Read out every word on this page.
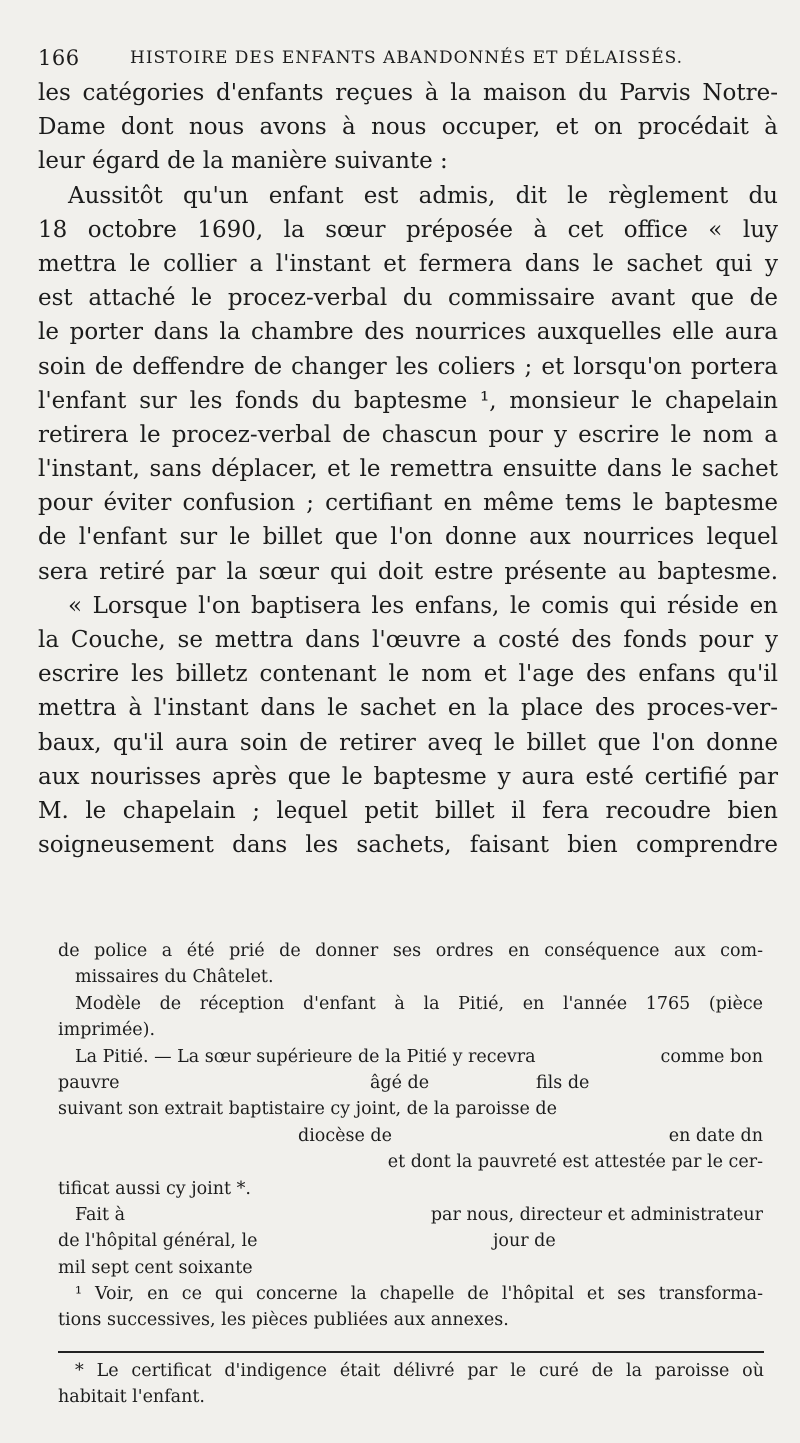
166	HISTOIRE DES ENFANTS ABANDONNÉS ET DÉLAISSÉS.
les catégories d'enfants reçues à la maison du Parvis Notre-
Dame dont nous avons à nous occuper, et on procédait à
leur égard de la manière suivante :
Aussitôt qu'un enfant est admis, dit le règlement du
18 octobre 1690, la sœur préposée à cet office « luy
mettra le collier a l'instant et fermera dans le sachet qui y
est attaché le procez-verbal du commissaire avant que de
le porter dans la chambre des nourrices auxquelles elle aura
soin de deffendre de changer les coliers ; et lorsqu'on portera
l'enfant sur les fonds du baptesme ¹, monsieur le chapelain
retirera le procez-verbal de chascun pour y escrire le nom a
l'instant, sans déplacer, et le remettra ensuitte dans le sachet
pour éviter confusion ; certifiant en même tems le baptesme
de l'enfant sur le billet que l'on donne aux nourrices lequel
sera retiré par la sœur qui doit estre présente au baptesme.
« Lorsque l'on baptisera les enfans, le comis qui réside en
la Couche, se mettra dans l'œuvre a costé des fonds pour y
escrire les billetz contenant le nom et l'age des enfans qu'il
mettra à l'instant dans le sachet en la place des proces-ver-
baux, qu'il aura soin de retirer aveq le billet que l'on donne
aux nourisses après que le baptesme y aura esté certifié par
M. le chapelain ; lequel petit billet il fera recoudre bien
soigneusement dans les sachets, faisant bien comprendre
de police a été prié de donner ses ordres en conséquence aux com-
missaires du Châtelet.
Modèle de réception d'enfant à la Pitié, en l'année 1765 (pièce
imprimée).
La Pitié. — La sœur supérieure de la Pitié y recevra	comme bon
pauvre	âgé de	fils de
suivant son extrait baptistaire cy joint, de la paroisse de
diocèse de	en date dn
et dont la pauvreté est attestée par le cer-
tificat aussi cy joint *.
Fait à	par nous, directeur et administrateur
de l'hôpital général, le	jour de
mil sept cent soixante
¹ Voir, en ce qui concerne la chapelle de l'hôpital et ses transforma-
tions successives, les pièces publiées aux annexes.
* Le certificat d'indigence était délivré par le curé de la paroisse où
habitait l'enfant.
